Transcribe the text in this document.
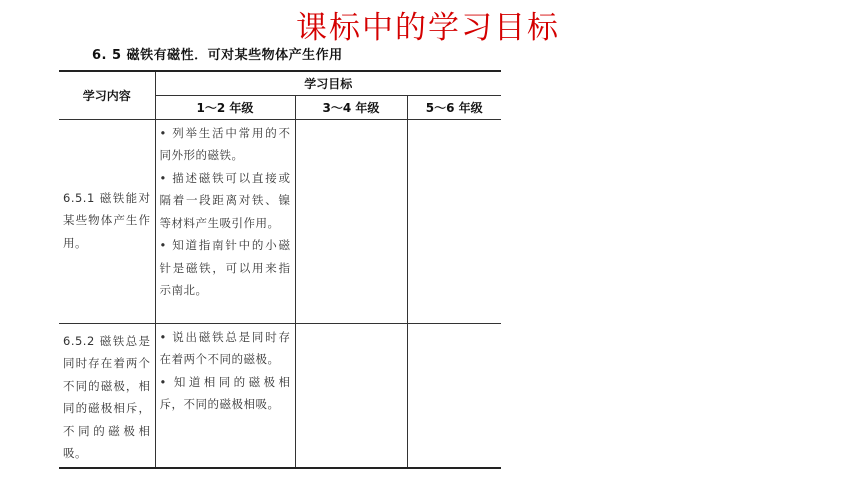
课标中的学习目标
6. 5 磁铁有磁性．可对某些物体产生作用
学习内容	学习目标		
	1～2 年级	3～4 年级	5～6 年级

6.5.1 磁铁能对某些物体产生作用。	• 列举生活中常用的不同外形的磁铁。
• 描述磁铁可以直接或隔着一段距离对铁、镍等材料产生吸引作用。
• 知道指南针中的小磁针是磁铁，可以用来指示南北。		

6.5.2 磁铁总是同时存在着两个不同的磁极，相同的磁极相斥，不同的磁极相吸。	• 说出磁铁总是同时存在着两个不同的磁极。
• 知道相同的磁极相斥，不同的磁极相吸。		
